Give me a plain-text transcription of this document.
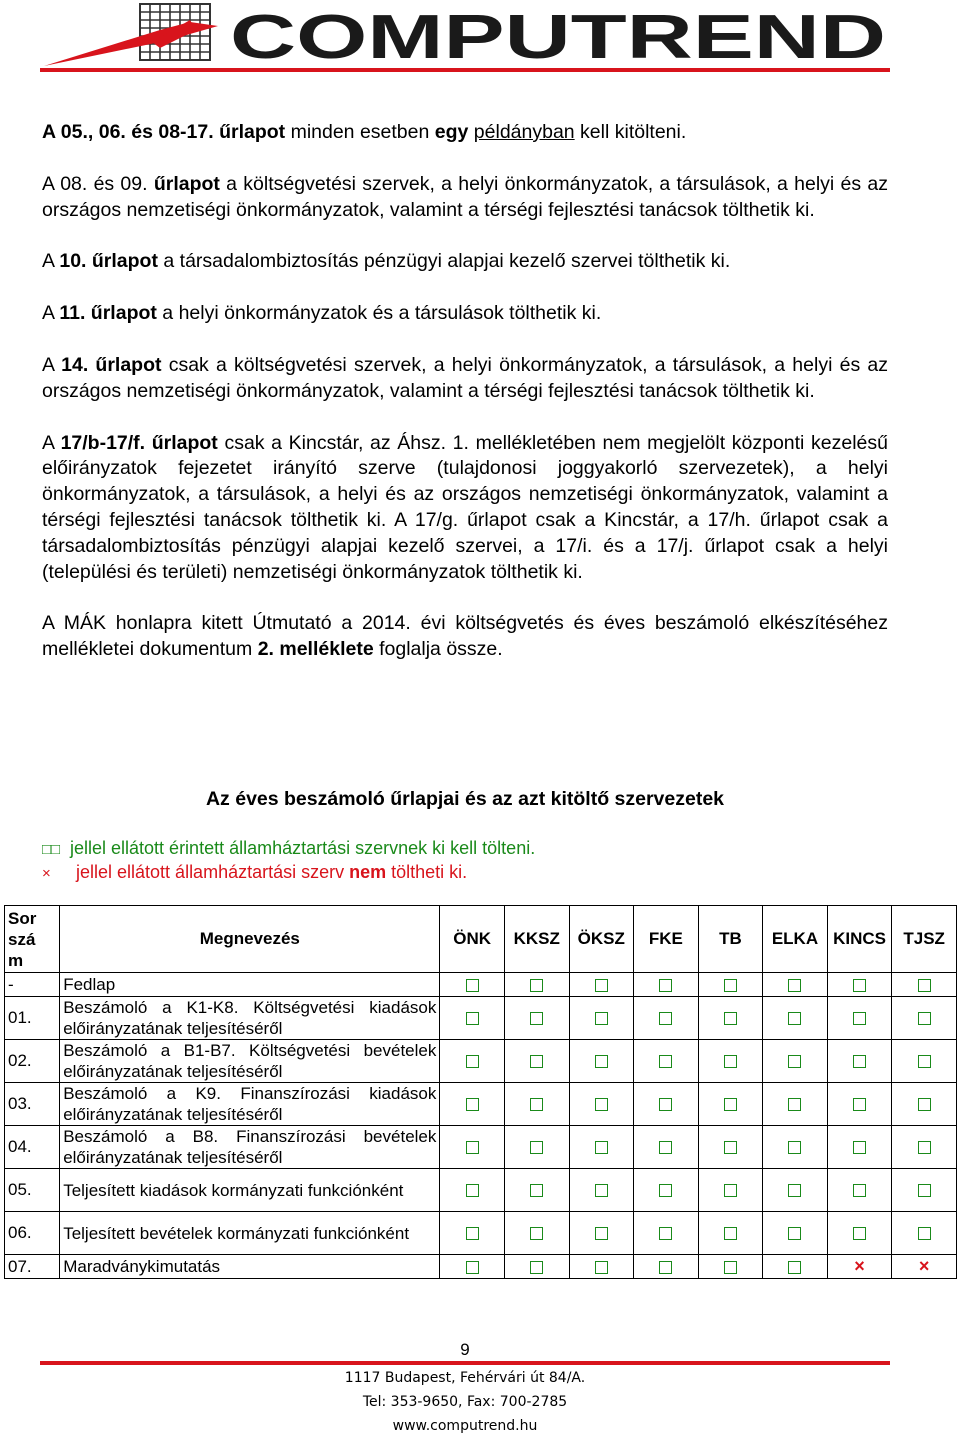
COMPUTREND

A 05., 06. és 08-17. űrlapot minden esetben egy példányban kell kitölteni.

A 08. és 09. űrlapot a költségvetési szervek, a helyi önkormányzatok, a társulások, a helyi és az országos nemzetiségi önkormányzatok, valamint a térségi fejlesztési tanácsok tölthetik ki.

A 10. űrlapot a társadalombiztosítás pénzügyi alapjai kezelő szervei tölthetik ki.

A 11. űrlapot a helyi önkormányzatok és a társulások tölthetik ki.

A 14. űrlapot csak a költségvetési szervek, a helyi önkormányzatok, a társulások, a helyi és az országos nemzetiségi önkormányzatok, valamint a térségi fejlesztési tanácsok tölthetik ki.

A 17/b-17/f. űrlapot csak a Kincstár, az Áhsz. 1. mellékletében nem megjelölt központi kezelésű előirányzatok fejezetet irányító szerve (tulajdonosi joggyakorló szervezetek), a helyi önkormányzatok, a társulások, a helyi és az országos nemzetiségi önkormányzatok, valamint a térségi fejlesztési tanácsok tölthetik ki. A 17/g. űrlapot csak a Kincstár, a 17/h. űrlapot csak a társadalombiztosítás pénzügyi alapjai kezelő szervei, a 17/i. és a 17/j. űrlapot csak a helyi (települési és területi) nemzetiségi önkormányzatok tölthetik ki.

A MÁK honlapra kitett Útmutató a 2014. évi költségvetés és éves beszámoló elkészítéséhez mellékletei dokumentum 2. melléklete foglalja össze.

Az éves beszámoló űrlapjai és az azt kitöltő szervezetek
□□ jellel ellátott érintett államháztartási szervnek ki kell tölteni.
× jellel ellátott államháztartási szerv nem töltheti ki.
Sorszám	Megnevezés	ÖNK	KKSZ	ÖKSZ	FKE	TB	ELKA	KINCS	TJSZ
-	Fedlap								
01.	Beszámoló a K1-K8. Költségvetési kiadások előirányzatának teljesítéséről								
02.	Beszámoló a B1-B7. Költségvetési bevételek előirányzatának teljesítéséről								
03.	Beszámoló a K9. Finanszírozási kiadások előirányzatának teljesítéséről								
04.	Beszámoló a B8. Finanszírozási bevételek előirányzatának teljesítéséről								
05.	Teljesített kiadások kormányzati funkciónként								
06.	Teljesített bevételek kormányzati funkciónként								
07.	Maradványkimutatás							×	×
9
1117 Budapest, Fehérvári út 84/A.
Tel: 353-9650, Fax: 700-2785
www.computrend.hu
